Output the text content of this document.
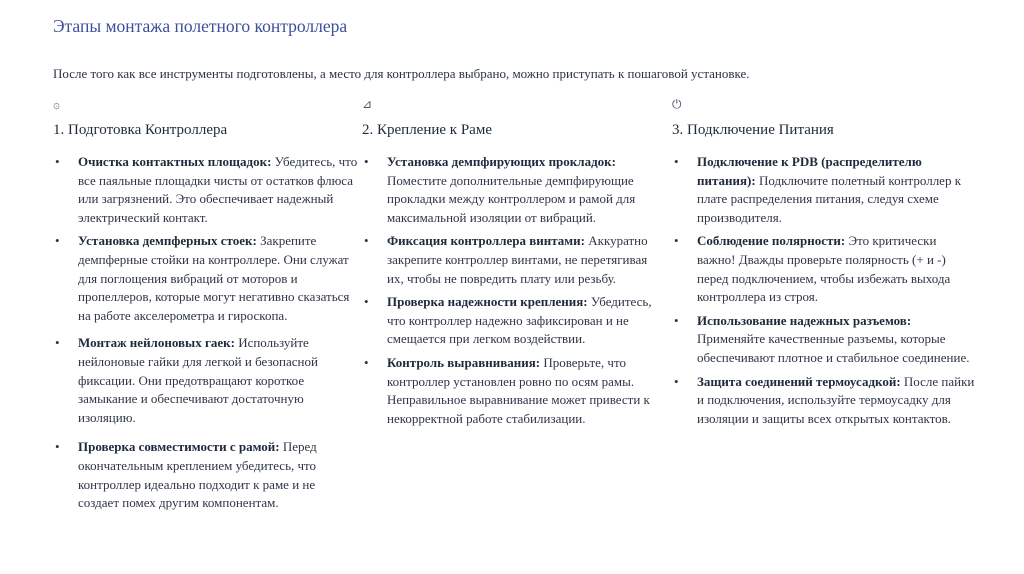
Этапы монтажа полетного контроллера
После того как все инструменты подготовлены, а место для контроллера выбрано, можно приступать к пошаговой установке.
۞
1. Подготовка Контроллера
• Очистка контактных площадок: Убедитесь, что все паяльные площадки чисты от остатков флюса или загрязнений. Это обеспечивает надежный электрический контакт.
• Установка демпферных стоек: Закрепите демпферные стойки на контроллере. Они служат для поглощения вибраций от моторов и пропеллеров, которые могут негативно сказаться на работе акселерометра и гироскопа.
• Монтаж нейлоновых гаек: Используйте нейлоновые гайки для легкой и безопасной фиксации. Они предотвращают короткое замыкание и обеспечивают достаточную изоляцию.
• Проверка совместимости с рамой: Перед окончательным креплением убедитесь, что контроллер идеально подходит к раме и не создает помех другим компонентам.
⊿
2. Крепление к Раме
• Установка демпфирующих прокладок: Поместите дополнительные демпфирующие прокладки между контроллером и рамой для максимальной изоляции от вибраций.
• Фиксация контроллера винтами: Аккуратно закрепите контроллер винтами, не перетягивая их, чтобы не повредить плату или резьбу.
• Проверка надежности крепления: Убедитесь, что контроллер надежно зафиксирован и не смещается при легком воздействии.
• Контроль выравнивания: Проверьте, что контроллер установлен ровно по осям рамы. Неправильное выравнивание может привести к некорректной работе стабилизации.
⏻
3. Подключение Питания
• Подключение к PDB (распределителю питания): Подключите полетный контроллер к плате распределения питания, следуя схеме производителя.
• Соблюдение полярности: Это критически важно! Дважды проверьте полярность (+ и -) перед подключением, чтобы избежать выхода контроллера из строя.
• Использование надежных разъемов: Применяйте качественные разъемы, которые обеспечивают плотное и стабильное соединение.
• Защита соединений термоусадкой: После пайки и подключения, используйте термоусадку для изоляции и защиты всех открытых контактов.
